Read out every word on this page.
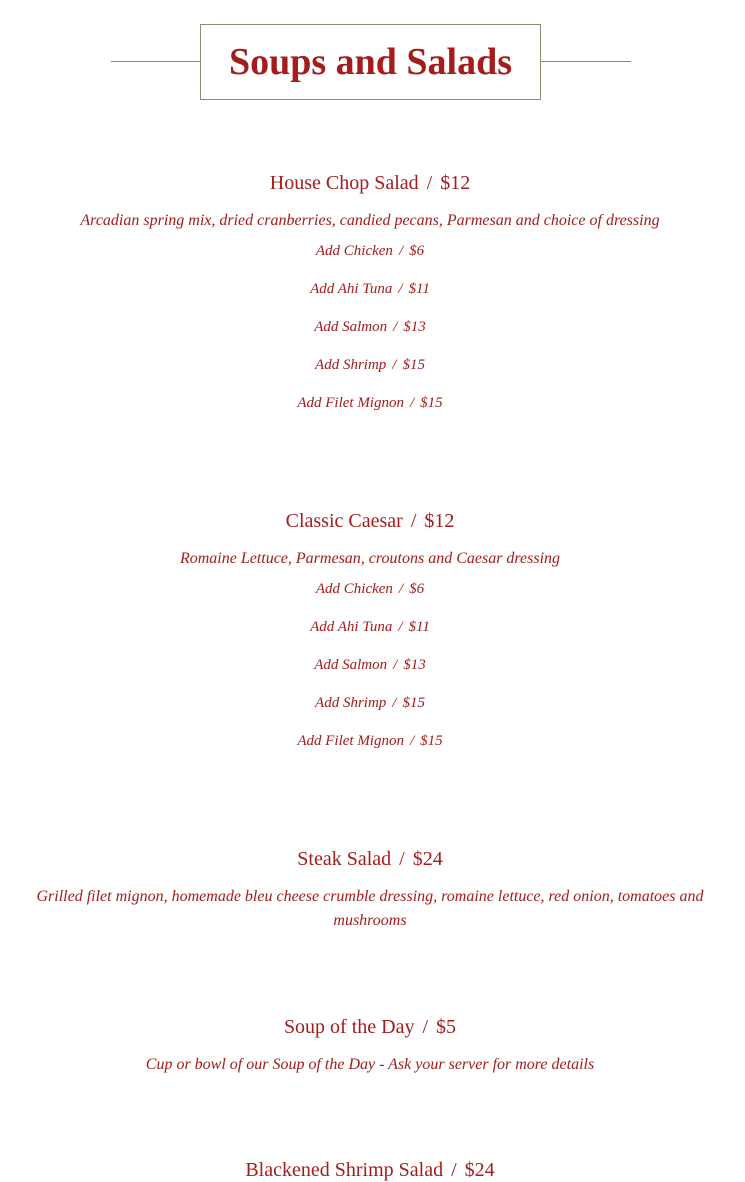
Soups and Salads
House Chop Salad / $12

Arcadian spring mix, dried cranberries, candied pecans, Parmesan and choice of dressing

Add Chicken / $6
Add Ahi Tuna / $11
Add Salmon / $13
Add Shrimp / $15
Add Filet Mignon / $15
Classic Caesar / $12

Romaine Lettuce, Parmesan, croutons and Caesar dressing

Add Chicken / $6
Add Ahi Tuna / $11
Add Salmon / $13
Add Shrimp / $15
Add Filet Mignon / $15
Steak Salad / $24

Grilled filet mignon, homemade bleu cheese crumble dressing, romaine lettuce, red onion, tomatoes and mushrooms

Soup of the Day / $5

Cup or bowl of our Soup of the Day - Ask your server for more details

Blackened Shrimp Salad / $24
